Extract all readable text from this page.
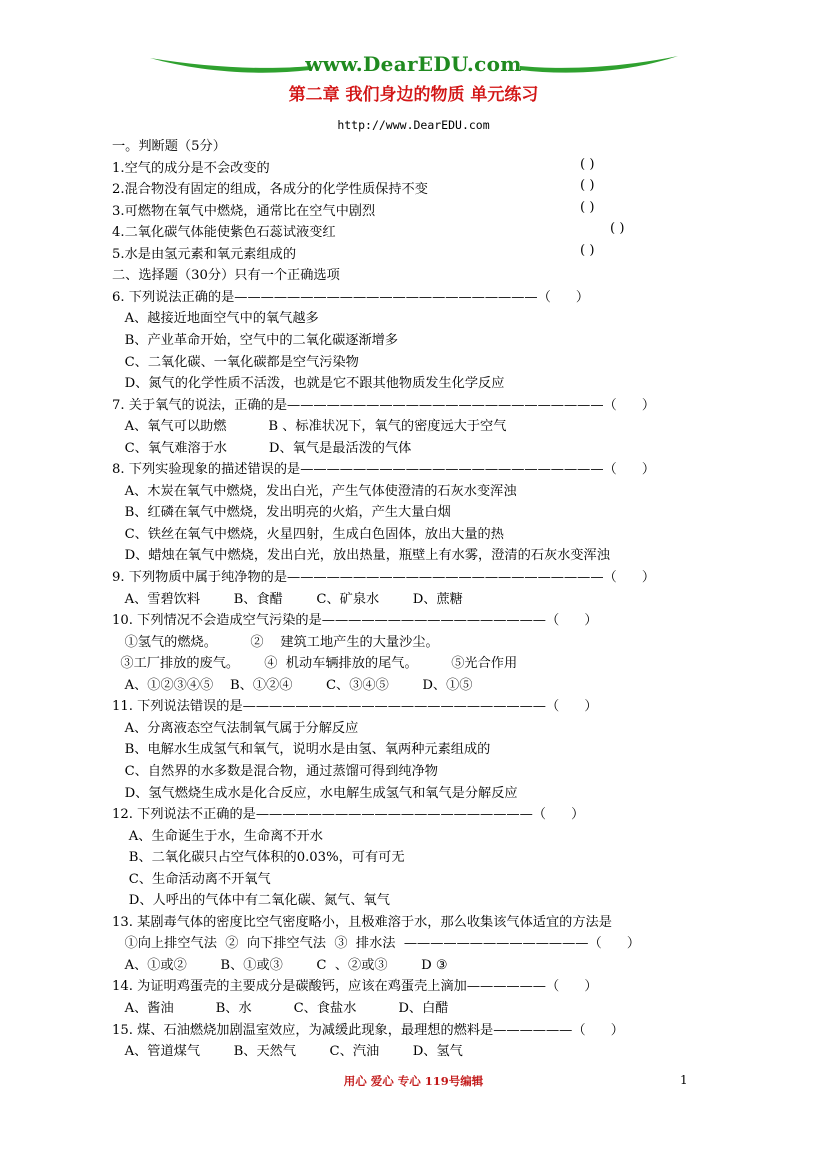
www.DearEDU.com
第二章 我们身边的物质 单元练习
http://www.DearEDU.com
一。判断题（5分）
1.空气的成分是不会改变的
2.混合物没有固定的组成，各成分的化学性质保持不变
3.可燃物在氧气中燃烧，通常比在空气中剧烈
4.二氧化碳气体能使紫色石蕊试液变红
5.水是由氢元素和氧元素组成的
二、选择题（30分）只有一个正确选项
6. 下列说法正确的是———————————————————————（      ）
A、越接近地面空气中的氧气越多
B、产业革命开始，空气中的二氧化碳逐渐增多
C、二氧化碳、一氧化碳都是空气污染物
D、氮气的化学性质不活泼，也就是它不跟其他物质发生化学反应
7. 关于氧气的说法，正确的是————————————————————————（      ）
A、氧气可以助燃          B 、标准状况下，氧气的密度远大于空气
C、氧气难溶于水          D、氧气是最活泼的气体
8. 下列实验现象的描述错误的是———————————————————————（      ）
A、木炭在氧气中燃烧，发出白光，产生气体使澄清的石灰水变浑浊
B、红磷在氧气中燃烧，发出明亮的火焰，产生大量白烟
C、铁丝在氧气中燃烧，火星四射，生成白色固体，放出大量的热
D、蜡烛在氧气中燃烧，发出白光，放出热量，瓶壁上有水雾，澄清的石灰水变浑浊
9. 下列物质中属于纯净物的是————————————————————————（      ）
A、雪碧饮料        B、食醋        C、矿泉水        D、蔗糖
10. 下列情况不会造成空气污染的是—————————————————（      ）
①氢气的燃烧。        ②    建筑工地产生的大量沙尘。
③工厂排放的废气。      ④  机动车辆排放的尾气。        ⑤光合作用
A、①②③④⑤    B、①②④        C、③④⑤        D、①⑤
11. 下列说法错误的是———————————————————————（      ）
A、分离液态空气法制氧气属于分解反应
B、电解水生成氢气和氧气，说明水是由氢、氧两种元素组成的
C、自然界的水多数是混合物，通过蒸馏可得到纯净物
D、氢气燃烧生成水是化合反应，水电解生成氢气和氧气是分解反应
12. 下列说法不正确的是—————————————————————（      ）
A、生命诞生于水，生命离不开水
B、二氧化碳只占空气体积的0.03%，可有可无
C、生命活动离不开氧气
D、人呼出的气体中有二氧化碳、氮气、氧气
13. 某剧毒气体的密度比空气密度略小，且极难溶于水，那么收集该气体适宜的方法是
①向上排空气法  ②  向下排空气法  ③  排水法  ——————————————（      ）
A、①或②        B、①或③        C  、②或③        D ③
14. 为证明鸡蛋壳的主要成分是碳酸钙，应该在鸡蛋壳上滴加——————（      ）
A、酱油          B、水          C、食盐水          D、白醋
15. 煤、石油燃烧加剧温室效应，为减缓此现象，最理想的燃料是——————（      ）
A、管道煤气        B、天然气        C、汽油        D、氢气
( )
( )
( )
( )
( )
用心 爱心 专心 119号编辑	1
